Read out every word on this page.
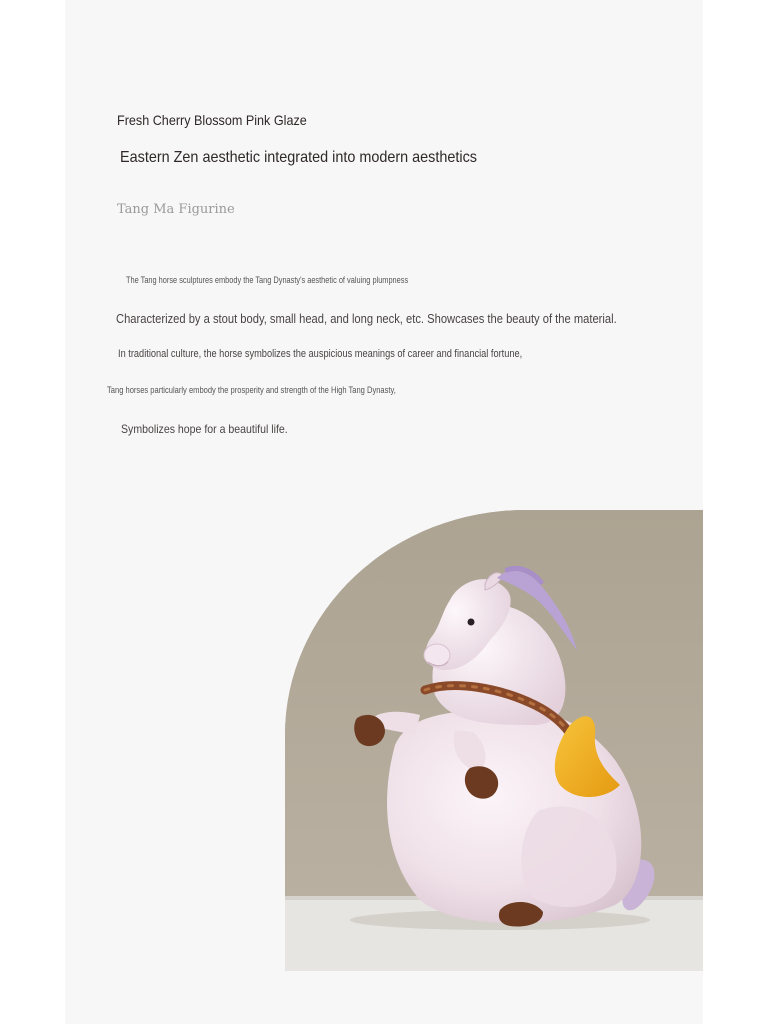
Fresh Cherry Blossom Pink Glaze

Eastern Zen aesthetic integrated into modern aesthetics

Tang Ma Figurine

The Tang horse sculptures embody the Tang Dynasty's aesthetic of valuing plumpness

Characterized by a stout body, small head, and long neck, etc. Showcases the beauty of the material.

In traditional culture, the horse symbolizes the auspicious meanings of career and financial fortune,

Tang horses particularly embody the prosperity and strength of the High Tang Dynasty,

Symbolizes hope for a beautiful life.
